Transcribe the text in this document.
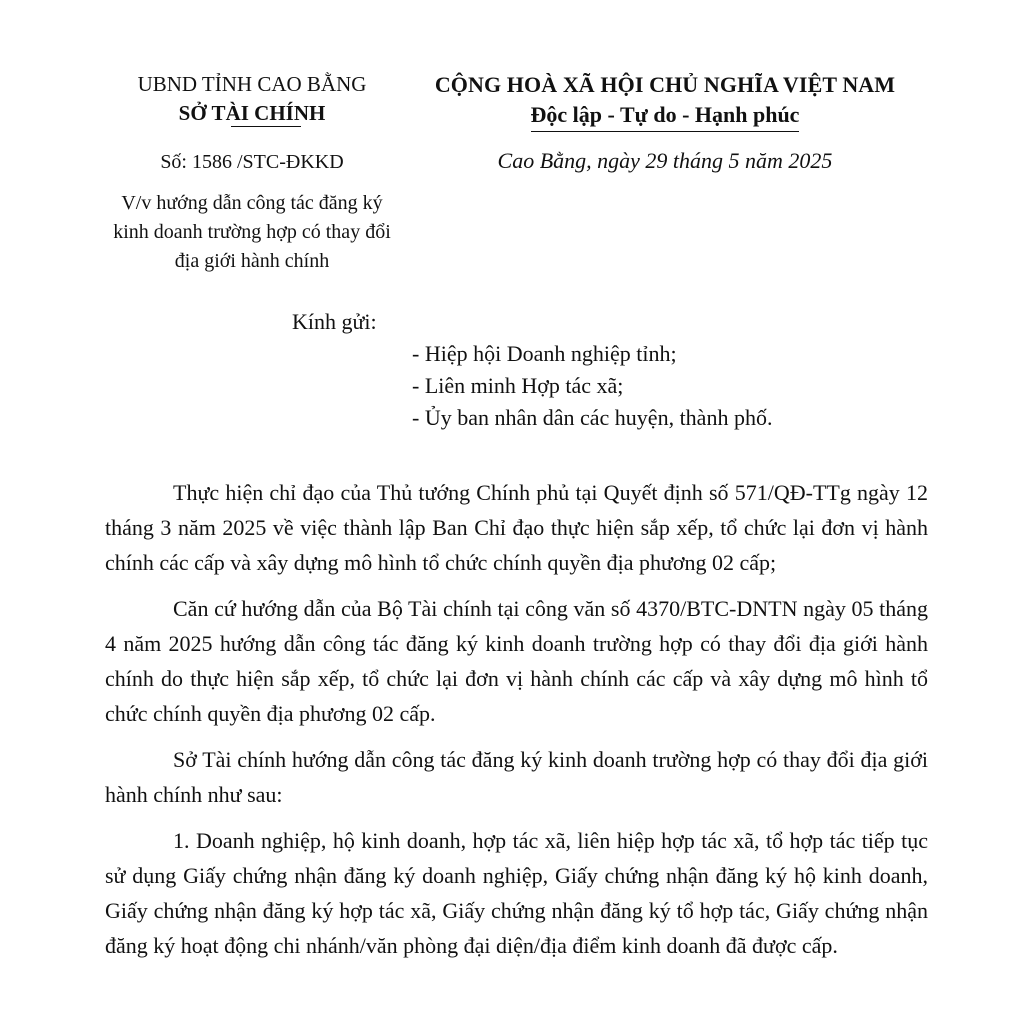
UBND TỈNH CAO BẰNG
SỞ TÀI CHÍNH
Số: 1586 /STC-ĐKKD
V/v hướng dẫn công tác đăng ký kinh doanh trường hợp có thay đổi địa giới hành chính
CỘNG HOÀ XÃ HỘI CHỦ NGHĨA VIỆT NAM
Độc lập - Tự do - Hạnh phúc
Cao Bằng, ngày 29 tháng 5 năm 2025
Kính gửi:
- Hiệp hội Doanh nghiệp tỉnh;
- Liên minh Hợp tác xã;
- Ủy ban nhân dân các huyện, thành phố.

Thực hiện chỉ đạo của Thủ tướng Chính phủ tại Quyết định số 571/QĐ-TTg ngày 12 tháng 3 năm 2025 về việc thành lập Ban Chỉ đạo thực hiện sắp xếp, tổ chức lại đơn vị hành chính các cấp và xây dựng mô hình tổ chức chính quyền địa phương 02 cấp;

Căn cứ hướng dẫn của Bộ Tài chính tại công văn số 4370/BTC-DNTN ngày 05 tháng 4 năm 2025 hướng dẫn công tác đăng ký kinh doanh trường hợp có thay đổi địa giới hành chính do thực hiện sắp xếp, tổ chức lại đơn vị hành chính các cấp và xây dựng mô hình tổ chức chính quyền địa phương 02 cấp.

Sở Tài chính hướng dẫn công tác đăng ký kinh doanh trường hợp có thay đổi địa giới hành chính như sau:

1. Doanh nghiệp, hộ kinh doanh, hợp tác xã, liên hiệp hợp tác xã, tổ hợp tác tiếp tục sử dụng Giấy chứng nhận đăng ký doanh nghiệp, Giấy chứng nhận đăng ký hộ kinh doanh, Giấy chứng nhận đăng ký hợp tác xã, Giấy chứng nhận đăng ký tổ hợp tác, Giấy chứng nhận đăng ký hoạt động chi nhánh/văn phòng đại diện/địa điểm kinh doanh đã được cấp.
